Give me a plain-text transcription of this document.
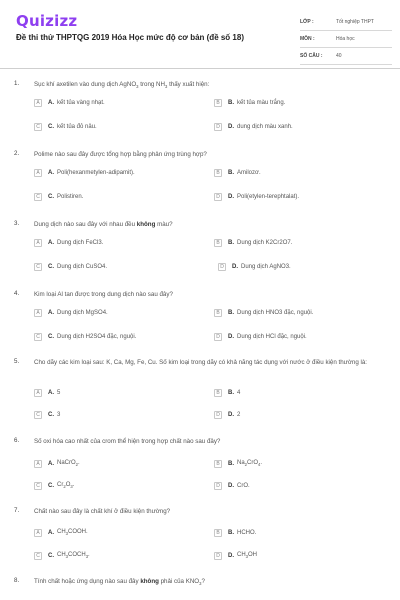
Quizizz
Đề thi thử THPTQG 2019 Hóa Học mức độ cơ bản (đề số 18)
LỚP :	Tốt nghiệp THPT
MÔN :	Hóa học
SỐ CÂU :	40
1. Sục khí axetilen vào dung dịch AgNO$_3$ trong $NH_3$ thấy xuất hiện:
A	A. kết tủa vàng nhạt.	B	B. kết tủa màu trắng.
C	C. kết tủa đỏ nâu.	D	D. dung dịch màu xanh.
2. Polime nào sau đây được tổng hợp bằng phản ứng trùng hợp?
A	A. Poli(hexanmetylen-adipamit).	B	B. Amilozơ.
C	C. Polistiren.	D	D. Poli(etylen-terephtalat).
3. Dung dịch nào sau đây với nhau đều không màu?
A	A. Dung dịch FeCl3.	B	B. Dung dịch K2Cr2O7.
C	C. Dung dịch CuSO4.	D	D. Dung dịch AgNO3.
4. Kim loại Al tan được trong dung dịch nào sau đây?
A	A. Dung dịch MgSO4.	B	B. Dung dịch HNO3 đặc, nguội.
C	C. Dung dịch H2SO4 đặc, nguội.	D	D. Dung dịch HCl đặc, nguội.
5. Cho dãy các kim loại sau: K, Ca, Mg, Fe, Cu. Số kim loại trong dãy có khả năng tác dụng với nước ở điều kiện thường là:
A	A. 5	B	B. 4
C	C. 3	D	D. 2
6. Số oxi hóa cao nhất của crom thể hiện trong hợp chất nào sau đây?
A	A. NaCrO$_2$.	B	B. $Na_2CrO_4$.
C	C. $Cr_2O_3$.	D	D. CrO.
7. Chất nào sau đây là chất khí ở điều kiện thường?
A	A. $CH_3COOH$.	B	B. HCHO.
C	C. $CH_3COCH_3$.	D	D. $CH_3OH$
8. Tính chất hoặc ứng dụng nào sau đây không phải của $KNO_3$?
